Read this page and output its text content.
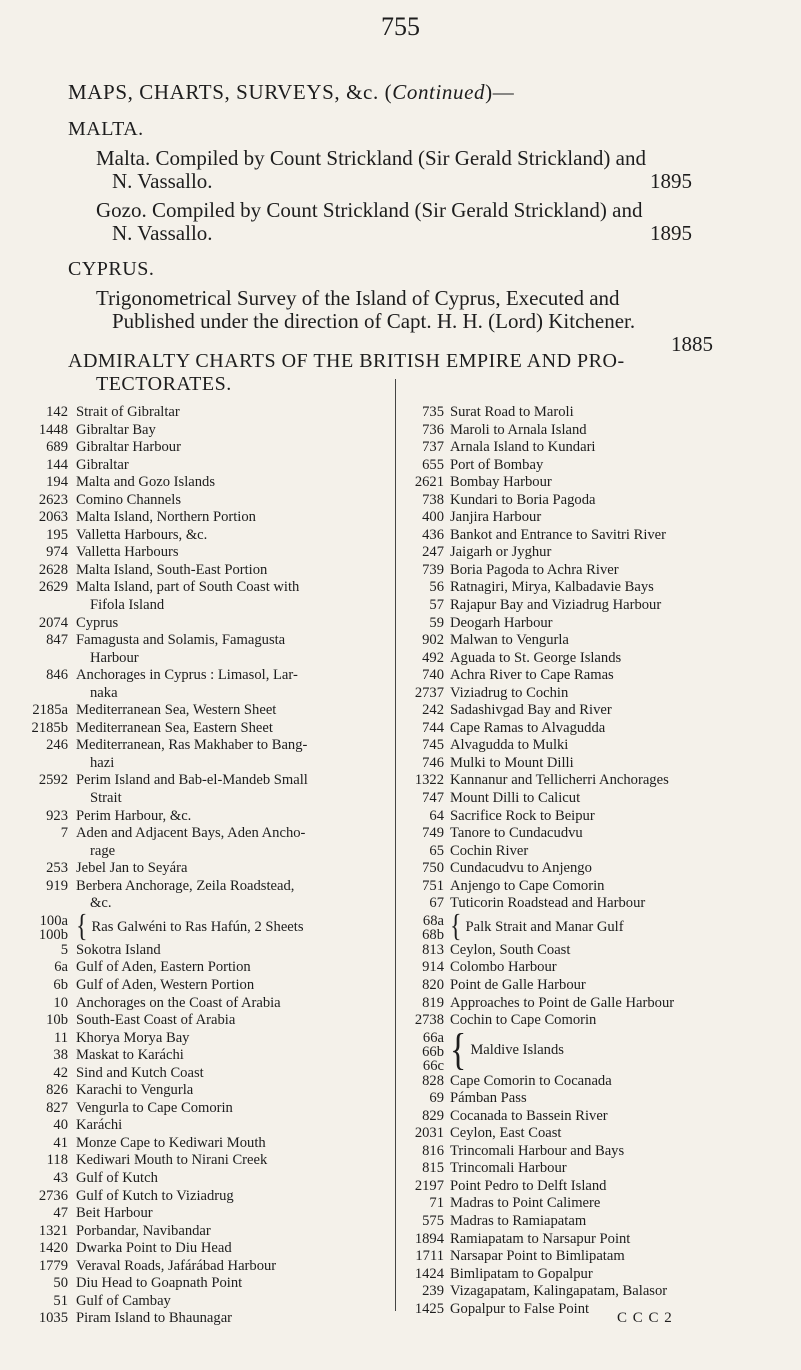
755
MAPS, CHARTS, SURVEYS, &c. (Continued)—
MALTA.
Malta. Compiled by Count Strickland (Sir Gerald Strickland) and
N. Vassallo.	1895
Gozo. Compiled by Count Strickland (Sir Gerald Strickland) and
N. Vassallo.	1895
CYPRUS.
Trigonometrical Survey of the Island of Cyprus, Executed and
Published under the direction of Capt. H. H. (Lord) Kitchener.
1885
ADMIRALTY CHARTS OF THE BRITISH EMPIRE AND PRO-
TECTORATES.
142 Strait of Gibraltar
1448 Gibraltar Bay
689 Gibraltar Harbour
144 Gibraltar
194 Malta and Gozo Islands
2623 Comino Channels
2063 Malta Island, Northern Portion
195 Valletta Harbours, &c.
974 Valletta Harbours
2628 Malta Island, South-East Portion
2629 Malta Island, part of South Coast with
Fifola Island
2074 Cyprus
847 Famagusta and Solamis, Famagusta
Harbour
846 Anchorages in Cyprus : Limasol, Lar-
naka
2185a Mediterranean Sea, Western Sheet
2185b Mediterranean Sea, Eastern Sheet
246 Mediterranean, Ras Makhaber to Bang-
hazi
2592 Perim Island and Bab-el-Mandeb Small
Strait
923 Perim Harbour, &c.
7 Aden and Adjacent Bays, Aden Ancho-
rage
253 Jebel Jan to Seyára
919 Berbera Anchorage, Zeila Roadstead,
&c.
100a
100b { Ras Galwéni to Ras Hafún, 2 Sheets
5 Sokotra Island
6a Gulf of Aden, Eastern Portion
6b Gulf of Aden, Western Portion
10 Anchorages on the Coast of Arabia
10b South-East Coast of Arabia
11 Khorya Morya Bay
38 Maskat to Karáchi
42 Sind and Kutch Coast
826 Karachi to Vengurla
827 Vengurla to Cape Comorin
40 Karáchi
41 Monze Cape to Kediwari Mouth
118 Kediwari Mouth to Nirani Creek
43 Gulf of Kutch
2736 Gulf of Kutch to Viziadrug
47 Beit Harbour
1321 Porbandar, Navibandar
1420 Dwarka Point to Diu Head
1779 Veraval Roads, Jafárábad Harbour
50 Diu Head to Goapnath Point
51 Gulf of Cambay
1035 Piram Island to Bhaunagar
735 Surat Road to Maroli
736 Maroli to Arnala Island
737 Arnala Island to Kundari
655 Port of Bombay
2621 Bombay Harbour
738 Kundari to Boria Pagoda
400 Janjira Harbour
436 Bankot and Entrance to Savitri River
247 Jaigarh or Jyghur
739 Boria Pagoda to Achra River
56 Ratnagiri, Mirya, Kalbadavie Bays
57 Rajapur Bay and Viziadrug Harbour
59 Deogarh Harbour
902 Malwan to Vengurla
492 Aguada to St. George Islands
740 Achra River to Cape Ramas
2737 Viziadrug to Cochin
242 Sadashivgad Bay and River
744 Cape Ramas to Alvagudda
745 Alvagudda to Mulki
746 Mulki to Mount Dilli
1322 Kannanur and Tellicherri Anchorages
747 Mount Dilli to Calicut
64 Sacrifice Rock to Beipur
749 Tanore to Cundacudvu
65 Cochin River
750 Cundacudvu to Anjengo
751 Anjengo to Cape Comorin
67 Tuticorin Roadstead and Harbour
68a
68b { Palk Strait and Manar Gulf
813 Ceylon, South Coast
914 Colombo Harbour
820 Point de Galle Harbour
819 Approaches to Point de Galle Harbour
2738 Cochin to Cape Comorin
66a
66b
66c { Maldive Islands
828 Cape Comorin to Cocanada
69 Pámban Pass
829 Cocanada to Bassein River
2031 Ceylon, East Coast
816 Trincomali Harbour and Bays
815 Trincomali Harbour
2197 Point Pedro to Delft Island
71 Madras to Point Calimere
575 Madras to Ramiapatam
1894 Ramiapatam to Narsapur Point
1711 Narsapar Point to Bimlipatam
1424 Bimlipatam to Gopalpur
239 Vizagapatam, Kalingapatam, Balasor
1425 Gopalpur to False Point
C C C 2
